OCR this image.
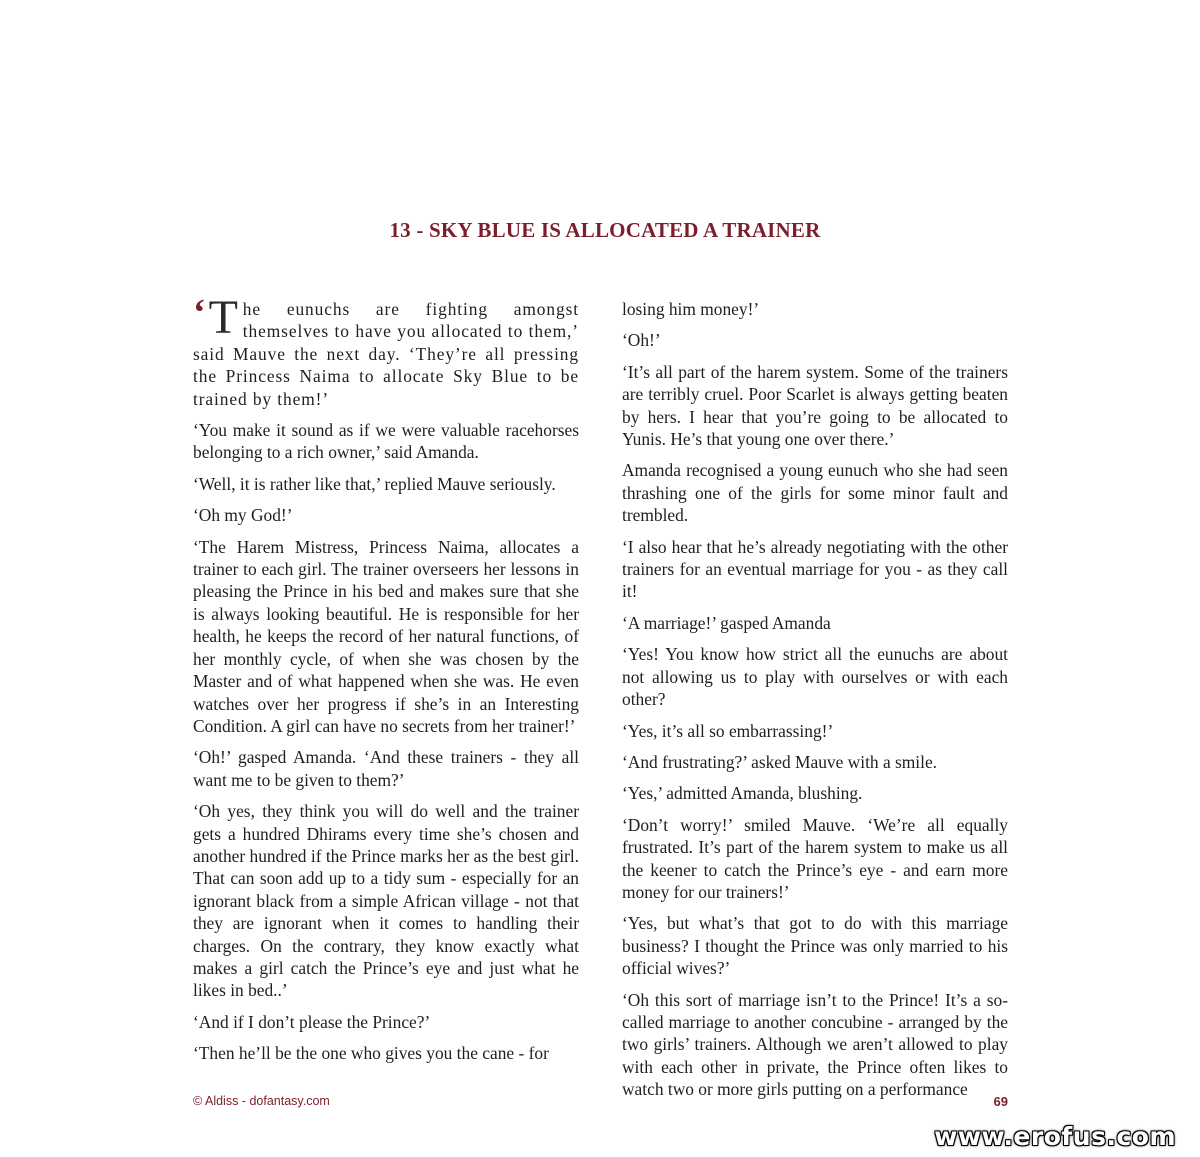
13 - SKY BLUE IS ALLOCATED A TRAINER

‘ T he eunuchs are fighting amongst themselves to have you allocated to them,’ said Mauve the next day. ‘They’re all pressing the Princess Naima to allocate Sky Blue to be trained by them!’

‘You make it sound as if we were valuable racehorses belonging to a rich owner,’ said Amanda.

‘Well, it is rather like that,’ replied Mauve seriously.

‘Oh my God!’

‘The Harem Mistress, Princess Naima, allocates a trainer to each girl. The trainer overseers her lessons in pleasing the Prince in his bed and makes sure that she is always looking beautiful. He is responsible for her health, he keeps the record of her natural functions, of her monthly cycle, of when she was chosen by the Master and of what happened when she was. He even watches over her progress if she’s in an Interesting Condition. A girl can have no secrets from her trainer!’

‘Oh!’ gasped Amanda. ‘And these trainers - they all want me to be given to them?’

‘Oh yes, they think you will do well and the trainer gets a hundred Dhirams every time she’s chosen and another hundred if the Prince marks her as the best girl. That can soon add up to a tidy sum - especially for an ignorant black from a simple African village - not that they are ignorant when it comes to handling their charges. On the contrary, they know exactly what makes a girl catch the Prince’s eye and just what he likes in bed..’

‘And if I don’t please the Prince?’

‘Then he’ll be the one who gives you the cane - for

losing him money!’

‘Oh!’

‘It’s all part of the harem system. Some of the trainers are terribly cruel. Poor Scarlet is always getting beaten by hers. I hear that you’re going to be allocated to Yunis. He’s that young one over there.’

Amanda recognised a young eunuch who she had seen thrashing one of the girls for some minor fault and trembled.

‘I also hear that he’s already negotiating with the other trainers for an eventual marriage for you - as they call it!

‘A marriage!’ gasped Amanda

‘Yes! You know how strict all the eunuchs are about not allowing us to play with ourselves or with each other?

‘Yes, it’s all so embarrassing!’

‘And frustrating?’ asked Mauve with a smile.

‘Yes,’ admitted Amanda, blushing.

‘Don’t worry!’ smiled Mauve. ‘We’re all equally frustrated. It’s part of the harem system to make us all the keener to catch the Prince’s eye - and earn more money for our trainers!’

‘Yes, but what’s that got to do with this marriage business? I thought the Prince was only married to his official wives?’

‘Oh this sort of marriage isn’t to the Prince! It’s a so-called marriage to another concubine - arranged by the two girls’ trainers. Although we aren’t allowed to play with each other in private, the Prince often likes to watch two or more girls putting on a performance

© Aldiss - dofantasy.com	69
www.erofus.com
